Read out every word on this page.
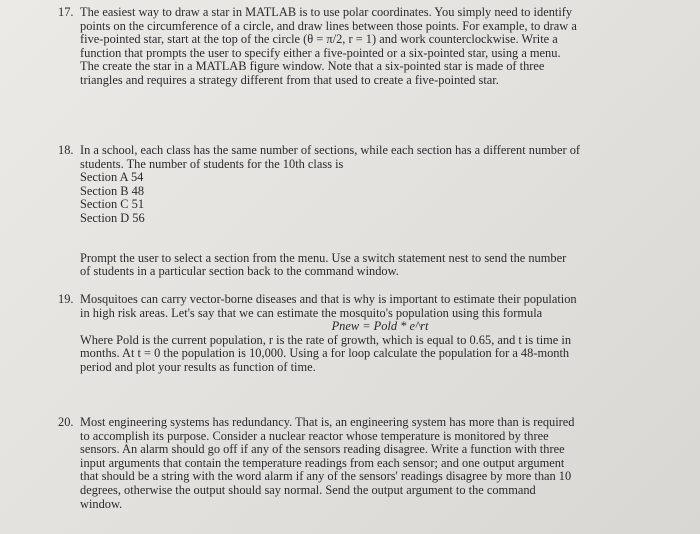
17. The easiest way to draw a star in MATLAB is to use polar coordinates. You simply need to identify
points on the circumference of a circle, and draw lines between those points. For example, to draw a
five-pointed star, start at the top of the circle (θ = π/2, r = 1) and work counterclockwise. Write a
function that prompts the user to specify either a five-pointed or a six-pointed star, using a menu.
The create the star in a MATLAB figure window. Note that a six-pointed star is made of three
triangles and requires a strategy different from that used to create a five-pointed star.
18. In a school, each class has the same number of sections, while each section has a different number of
students. The number of students for the 10th class is
Section A 54
Section B 48
Section C 51
Section D 56
Prompt the user to select a section from the menu. Use a switch statement nest to send the number
of students in a particular section back to the command window.
19. Mosquitoes can carry vector-borne diseases and that is why is important to estimate their population
in high risk areas. Let's say that we can estimate the mosquito's population using this formula
Pnew = Pold * e^rt
Where Pold is the current population, r is the rate of growth, which is equal to 0.65, and t is time in
months. At t = 0 the population is 10,000. Using a for loop calculate the population for a 48-month
period and plot your results as function of time.
20. Most engineering systems has redundancy. That is, an engineering system has more than is required
to accomplish its purpose. Consider a nuclear reactor whose temperature is monitored by three
sensors. An alarm should go off if any of the sensors reading disagree. Write a function with three
input arguments that contain the temperature readings from each sensor; and one output argument
that should be a string with the word alarm if any of the sensors' readings disagree by more than 10
degrees, otherwise the output should say normal. Send the output argument to the command
window.
